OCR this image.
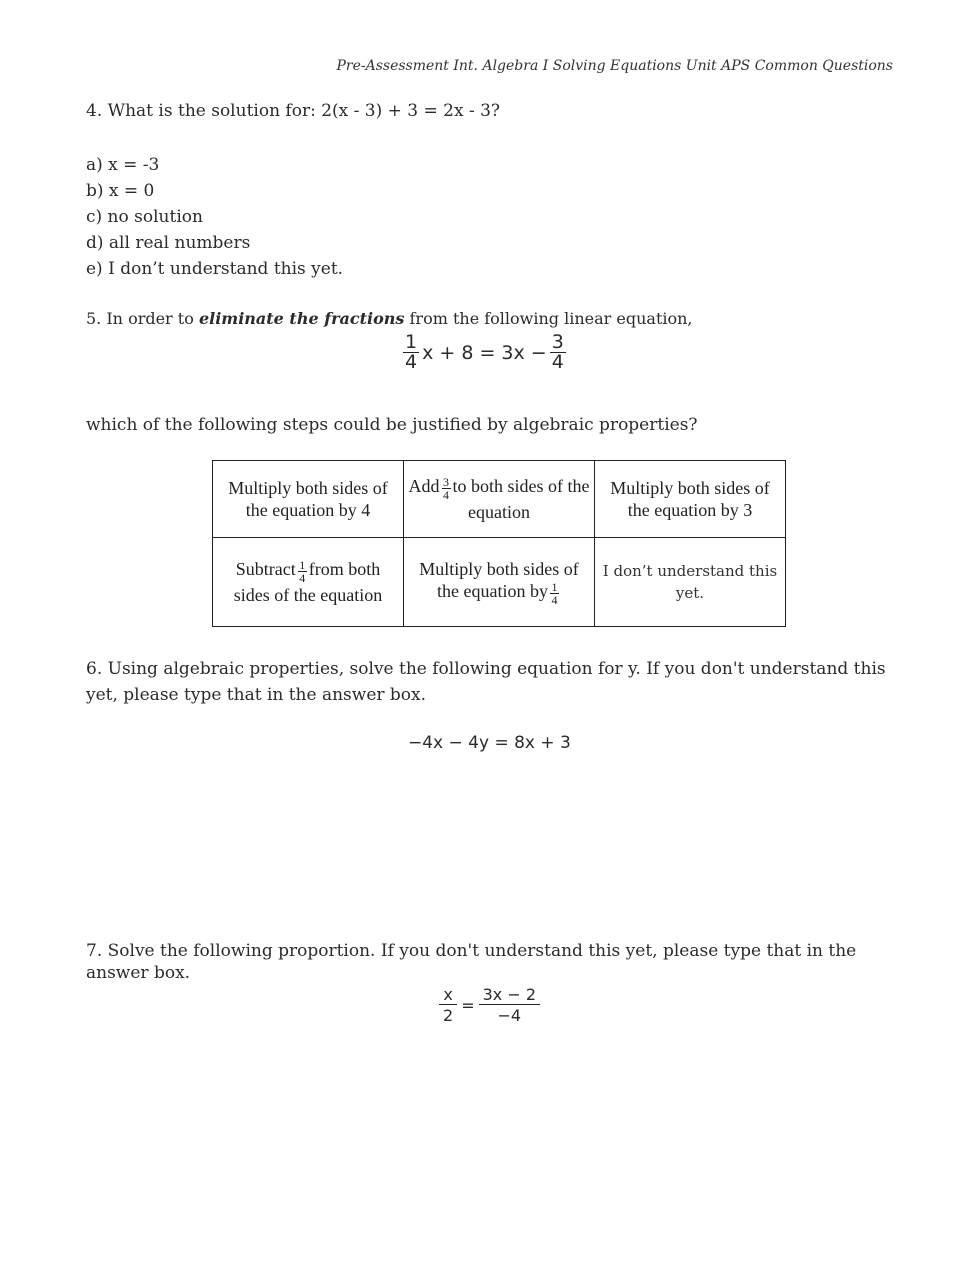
Pre-Assessment Int. Algebra I Solving Equations Unit APS Common Questions
4. What is the solution for: 2(x - 3) + 3 = 2x - 3?
a) x = -3
b) x = 0
c) no solution
d) all real numbers
e) I don’t understand this yet.
5. In order to eliminate the fractions from the following linear equation,
$\frac{1}{4}$ $x + 8 = 3x - \frac{3}{4}$
which of the following steps could be justified by algebraic properties?
Multiply both sides of the equation by 4	Add $\frac{3}{4}$ to both sides of the equation	Multiply both sides of the equation by 3
Subtract $\frac{1}{4}$ from both sides of the equation	Multiply both sides of the equation by $\frac{1}{4}$	I don’t understand this yet.
6. Using algebraic properties, solve the following equation for y. If you don't understand this yet, please type that in the answer box.
−4x − 4y = 8x + 3
7. Solve the following proportion. If you don't understand this yet, please type that in the answer box.
$\frac{x}{2} = \frac{3x - 2}{-4}$
